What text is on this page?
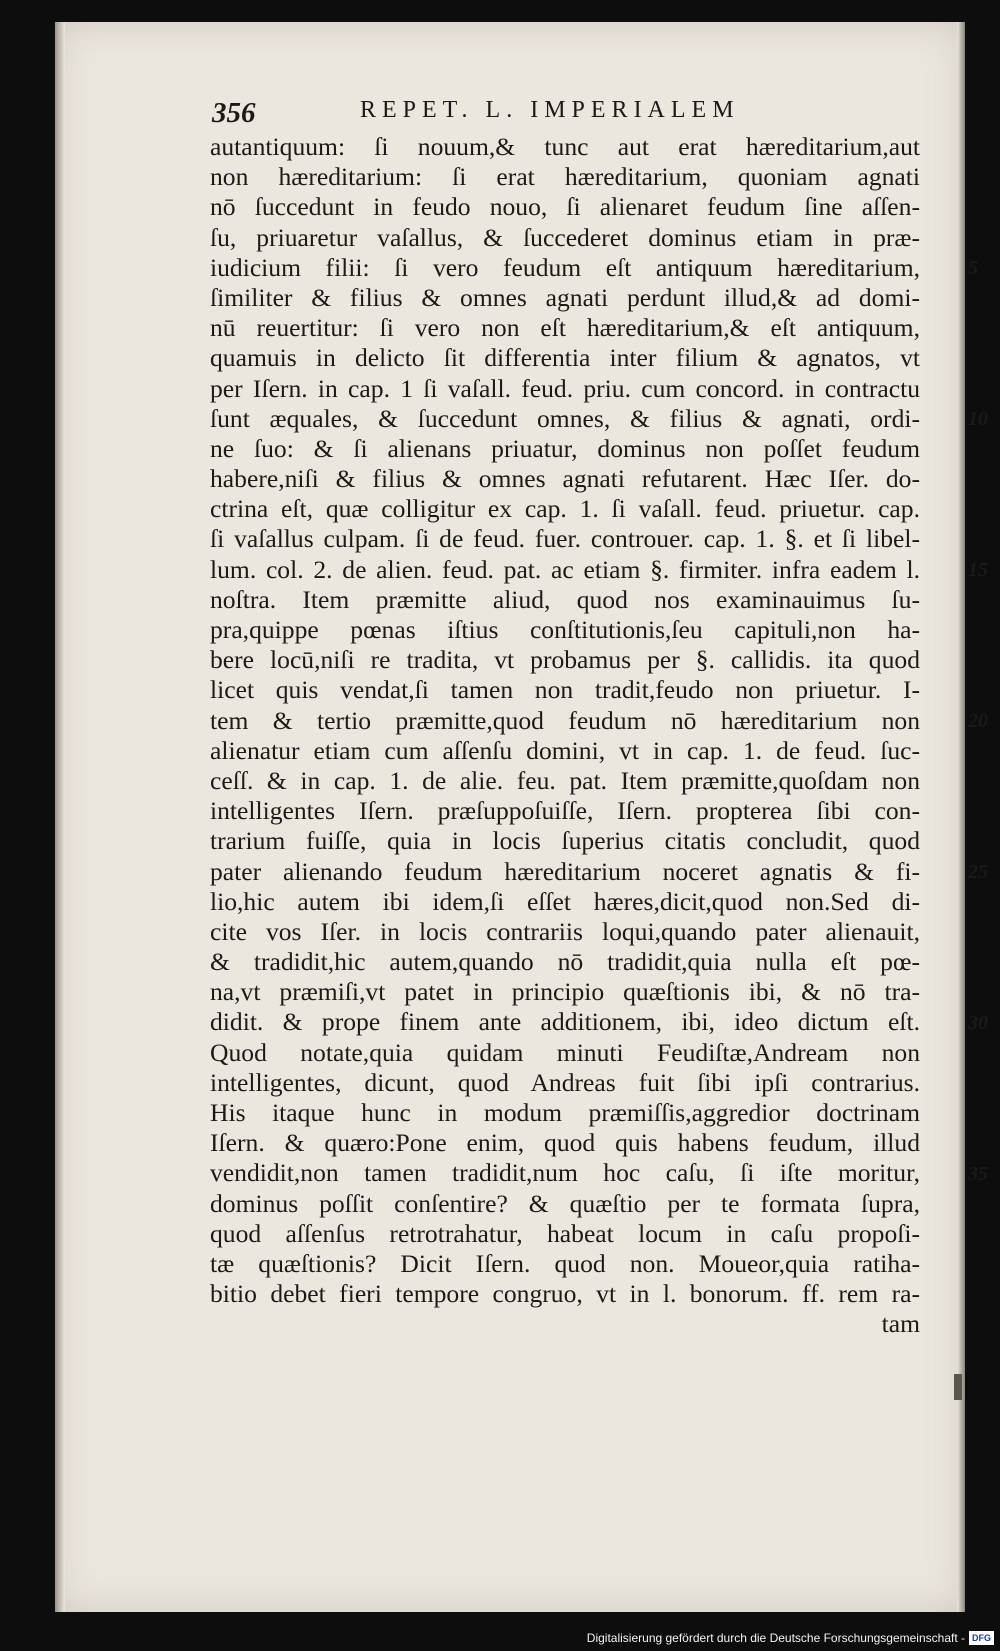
356	REPET. L. IMPERIALEM
autantiquum: ſi nouum,& tunc aut erat hæreditarium,aut
non hæreditarium: ſi erat hæreditarium, quoniam agnati
nō ſuccedunt in feudo nouo, ſi alienaret feudum ſine aſſen-
ſu, priuaretur vaſallus, & ſuccederet dominus etiam in præ-
iudicium filii: ſi vero feudum eſt antiquum hæreditarium,
ſimiliter & filius & omnes agnati perdunt illud,& ad domi-
nū reuertitur: ſi vero non eſt hæreditarium,& eſt antiquum,
quamuis in delicto ſit differentia inter filium & agnatos, vt
per Iſern. in cap. 1 ſi vaſall. feud. priu. cum concord. in contractu
ſunt æquales, & ſuccedunt omnes, & filius & agnati, ordi-
ne ſuo: & ſi alienans priuatur, dominus non poſſet feudum
habere,niſi & filius & omnes agnati refutarent. Hæc Iſer. do-
ctrina eſt, quæ colligitur ex cap. 1. ſi vaſall. feud. priuetur. cap.
ſi vaſallus culpam. ſi de feud. fuer. controuer. cap. 1. §. et ſi libel-
lum. col. 2. de alien. feud. pat. ac etiam §. firmiter. infra eadem l.
noſtra. Item præmitte aliud, quod nos examinauimus ſu-
pra,quippe pœnas iſtius conſtitutionis,ſeu capituli,non ha-
bere locū,niſi re tradita, vt probamus per §. callidis. ita quod
licet quis vendat,ſi tamen non tradit,feudo non priuetur. I-
tem & tertio præmitte,quod feudum nō hæreditarium non
alienatur etiam cum aſſenſu domini, vt in cap. 1. de feud. ſuc-
ceſſ. & in cap. 1. de alie. feu. pat. Item præmitte,quoſdam non
intelligentes Iſern. præſuppoſuiſſe, Iſern. propterea ſibi con-
trarium fuiſſe, quia in locis ſuperius citatis concludit, quod
pater alienando feudum hæreditarium noceret agnatis & fi-
lio,hic autem ibi idem,ſi eſſet hæres,dicit,quod non.Sed di-
cite vos Iſer. in locis contrariis loqui,quando pater alienauit,
& tradidit,hic autem,quando nō tradidit,quia nulla eſt pœ-
na,vt præmiſi,vt patet in principio quæſtionis ibi, & nō tra-
didit. & prope finem ante additionem, ibi, ideo dictum eſt.
Quod notate,quia quidam minuti Feudiſtæ,Andream non
intelligentes, dicunt, quod Andreas fuit ſibi ipſi contrarius.
His itaque hunc in modum præmiſſis,aggredior doctrinam
Iſern. & quæro:Pone enim, quod quis habens feudum, illud
vendidit,non tamen tradidit,num hoc caſu, ſi iſte moritur,
dominus poſſit conſentire? & quæſtio per te formata ſupra,
quod aſſenſus retrotrahatur, habeat locum in caſu propoſi-
tæ quæſtionis? Dicit Iſern. quod non. Moueor,quia ratiha-
bitio debet fieri tempore congruo, vt in l. bonorum. ff. rem ra-
tam
5
10
15
20
25
30
35
Digitalisierung gefördert durch die Deutsche Forschungsgemeinschaft - DFG
